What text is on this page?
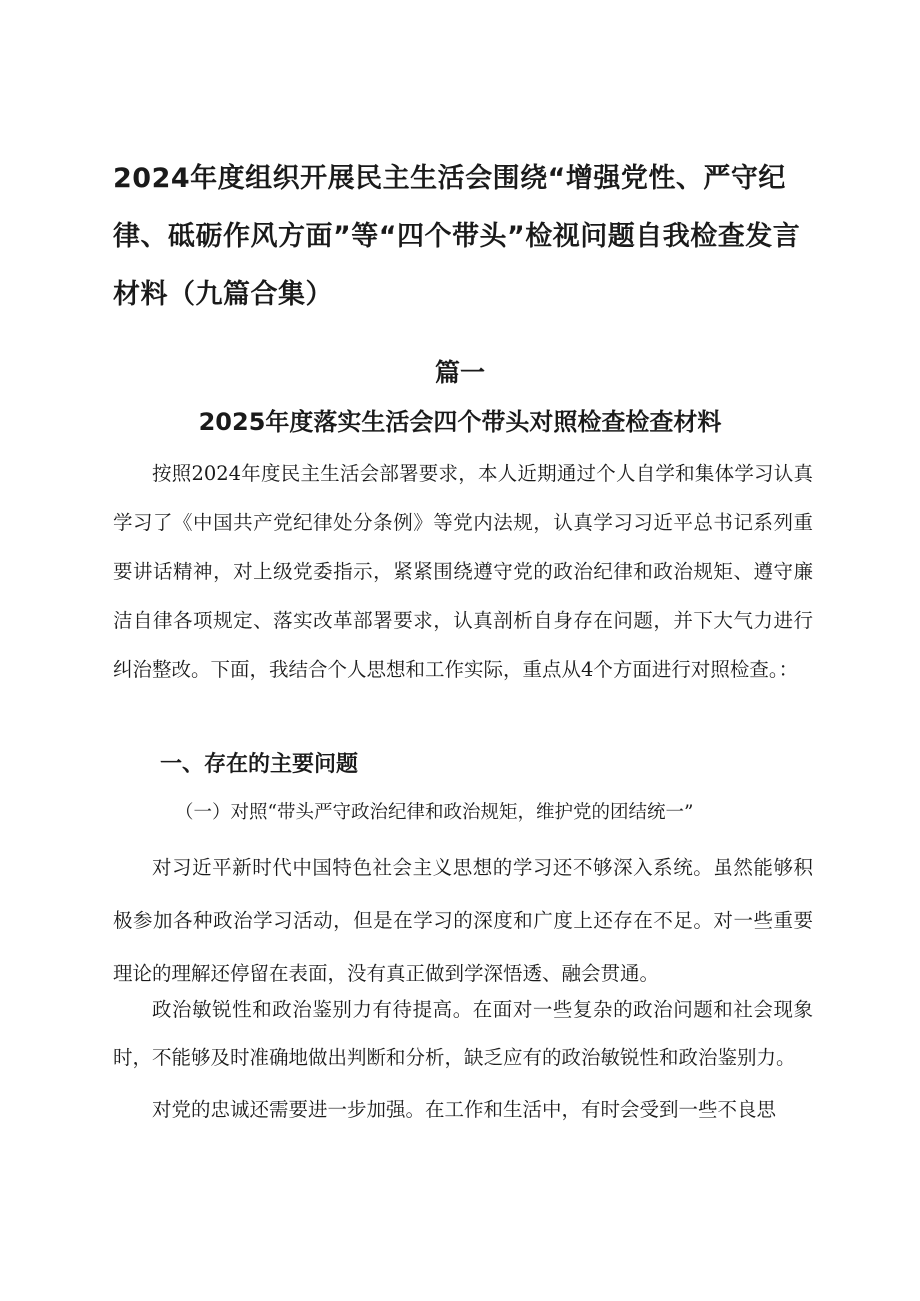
2024年度组织开展民主生活会围绕“增强党性、严守纪律、砥砺作风方面”等“四个带头”检视问题自我检查发言材料（九篇合集）
篇一
2025年度落实生活会四个带头对照检查检查材料

按照2024年度民主生活会部署要求，本人近期通过个人自学和集体学习认真学习了《中国共产党纪律处分条例》等党内法规，认真学习习近平总书记系列重要讲话精神，对上级党委指示，紧紧围绕遵守党的政治纪律和政治规矩、遵守廉洁自律各项规定、落实改革部署要求，认真剖析自身存在问题，并下大气力进行纠治整改。下面，我结合个人思想和工作实际，重点从4个方面进行对照检查。：

一、存在的主要问题

（一）对照“带头严守政治纪律和政治规矩，维护党的团结统一”

对习近平新时代中国特色社会主义思想的学习还不够深入系统。虽然能够积极参加各种政治学习活动，但是在学习的深度和广度上还存在不足。对一些重要理论的理解还停留在表面，没有真正做到学深悟透、融会贯通。

政治敏锐性和政治鉴别力有待提高。在面对一些复杂的政治问题和社会现象时，不能够及时准确地做出判断和分析，缺乏应有的政治敏锐性和政治鉴别力。

对党的忠诚还需要进一步加强。在工作和生活中，有时会受到一些不良思
